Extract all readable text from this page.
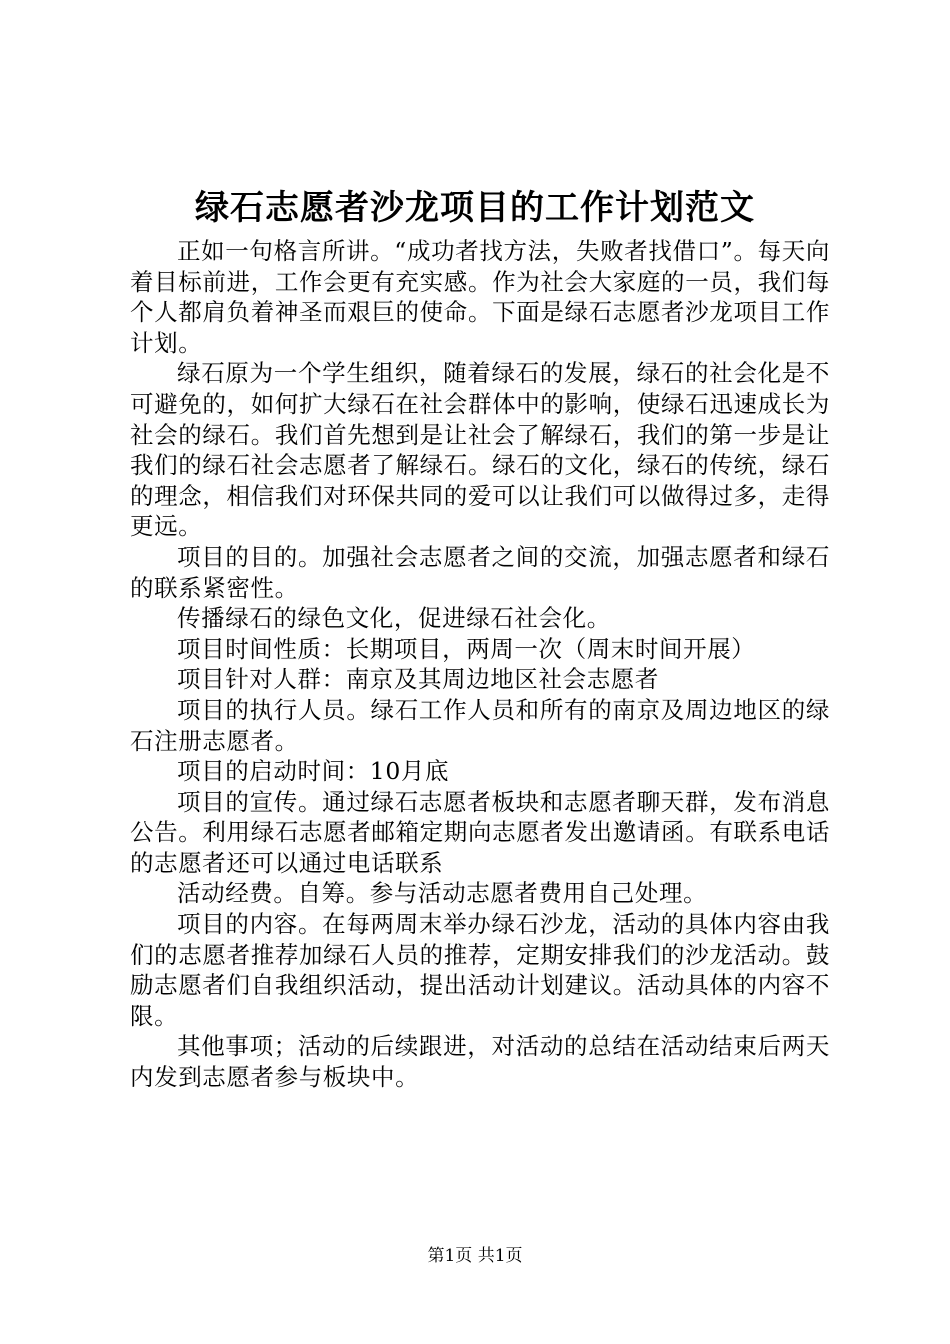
绿石志愿者沙龙项目的工作计划范文

正如一句格言所讲。“成功者找方法，失败者找借口”。每天向着目标前进，工作会更有充实感。作为社会大家庭的一员，我们每个人都肩负着神圣而艰巨的使命。下面是绿石志愿者沙龙项目工作计划。

绿石原为一个学生组织，随着绿石的发展，绿石的社会化是不可避免的，如何扩大绿石在社会群体中的影响，使绿石迅速成长为社会的绿石。我们首先想到是让社会了解绿石，我们的第一步是让我们的绿石社会志愿者了解绿石。绿石的文化，绿石的传统，绿石的理念，相信我们对环保共同的爱可以让我们可以做得过多，走得更远。

项目的目的。加强社会志愿者之间的交流，加强志愿者和绿石的联系紧密性。

传播绿石的绿色文化，促进绿石社会化。

项目时间性质：长期项目，两周一次（周末时间开展）

项目针对人群：南京及其周边地区社会志愿者

项目的执行人员。绿石工作人员和所有的南京及周边地区的绿石注册志愿者。

项目的启动时间：10月底

项目的宣传。通过绿石志愿者板块和志愿者聊天群，发布消息公告。利用绿石志愿者邮箱定期向志愿者发出邀请函。有联系电话的志愿者还可以通过电话联系

活动经费。自筹。参与活动志愿者费用自己处理。

项目的内容。在每两周末举办绿石沙龙，活动的具体内容由我们的志愿者推荐加绿石人员的推荐，定期安排我们的沙龙活动。鼓励志愿者们自我组织活动，提出活动计划建议。活动具体的内容不限。

其他事项；活动的后续跟进，对活动的总结在活动结束后两天内发到志愿者参与板块中。

第1页 共1页
